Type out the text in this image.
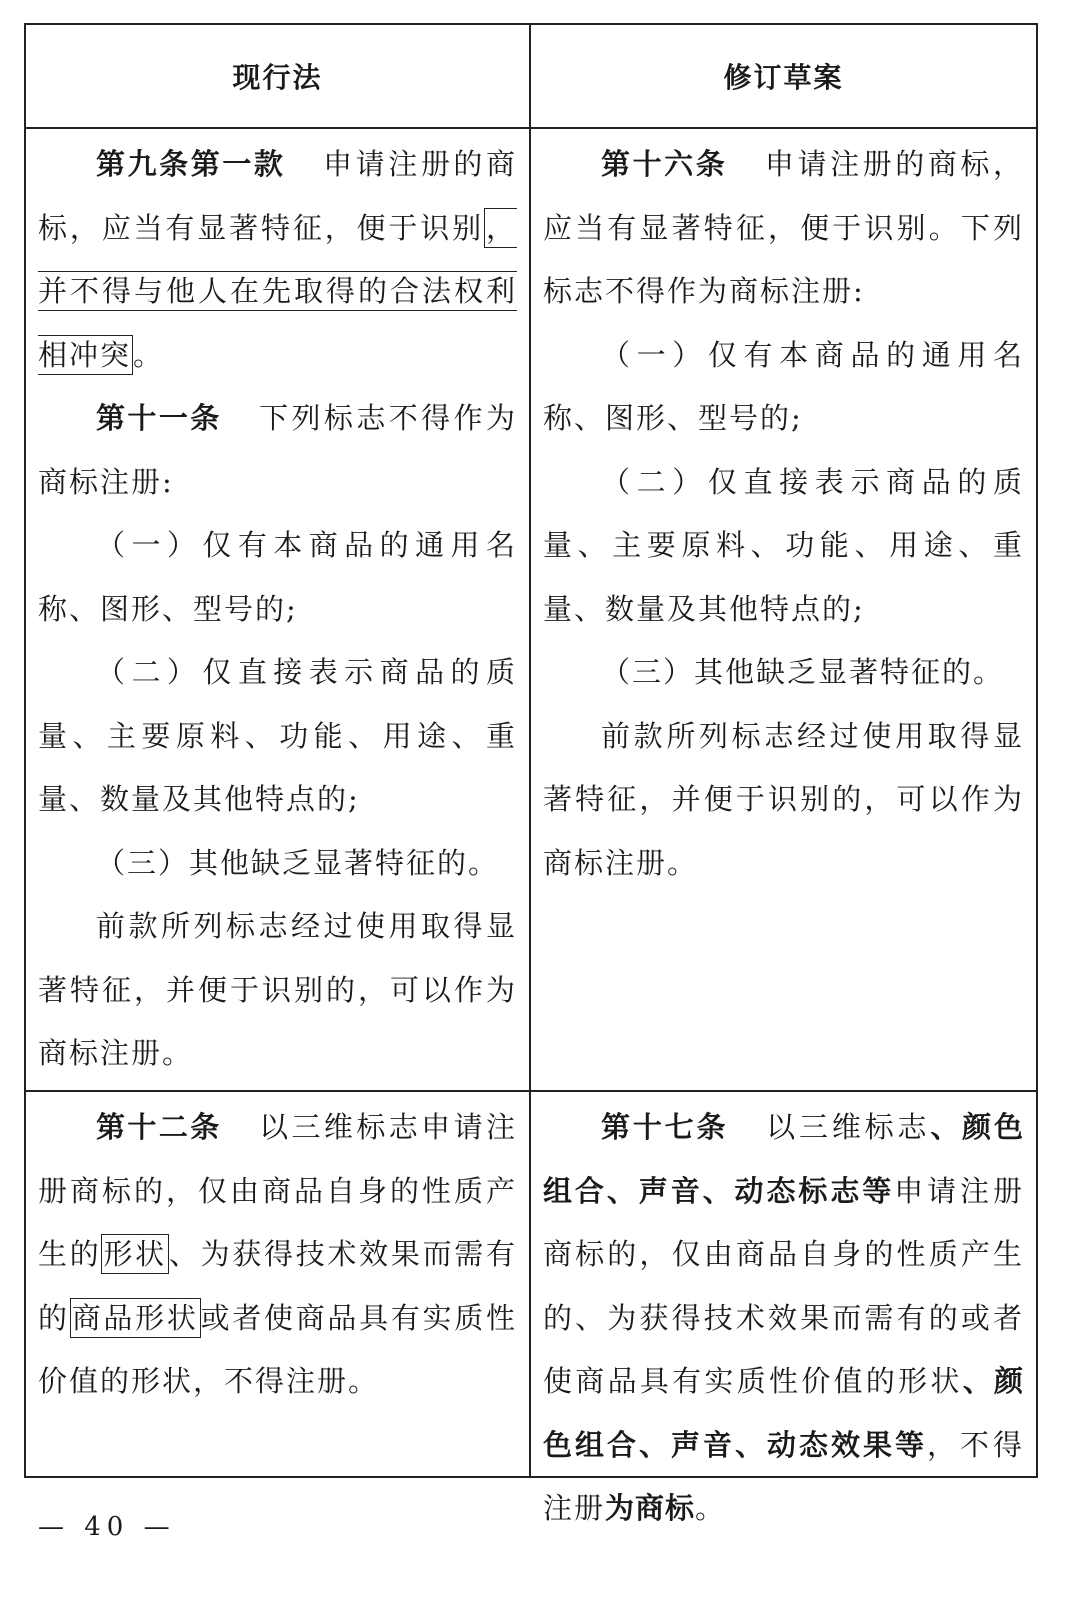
现行法	修订草案

第九条第一款 申请注册的商标，应当有显著特征，便于识别，并不得与他人在先取得的合法权利相冲突。

第十一条 下列标志不得作为商标注册:

（一）仅有本商品的通用名称、图形、型号的;

（二）仅直接表示商品的质量、主要原料、功能、用途、重量、数量及其他特点的;

（三）其他缺乏显著特征的。

前款所列标志经过使用取得显著特征，并便于识别的，可以作为商标注册。

第十六条 申请注册的商标，应当有显著特征，便于识别。下列标志不得作为商标注册:

（一）仅有本商品的通用名称、图形、型号的;

（二）仅直接表示商品的质量、主要原料、功能、用途、重量、数量及其他特点的;

（三）其他缺乏显著特征的。

前款所列标志经过使用取得显著特征，并便于识别的，可以作为商标注册。

第十二条 以三维标志申请注册商标的，仅由商品自身的性质产生的形状、为获得技术效果而需有的商品形状或者使商品具有实质性价值的形状，不得注册。

第十七条 以三维标志、颜色组合、声音、动态标志等申请注册商标的，仅由商品自身的性质产生的、为获得技术效果而需有的或者使商品具有实质性价值的形状、颜色组合、声音、动态效果等，不得注册为商标。

— 40 —
